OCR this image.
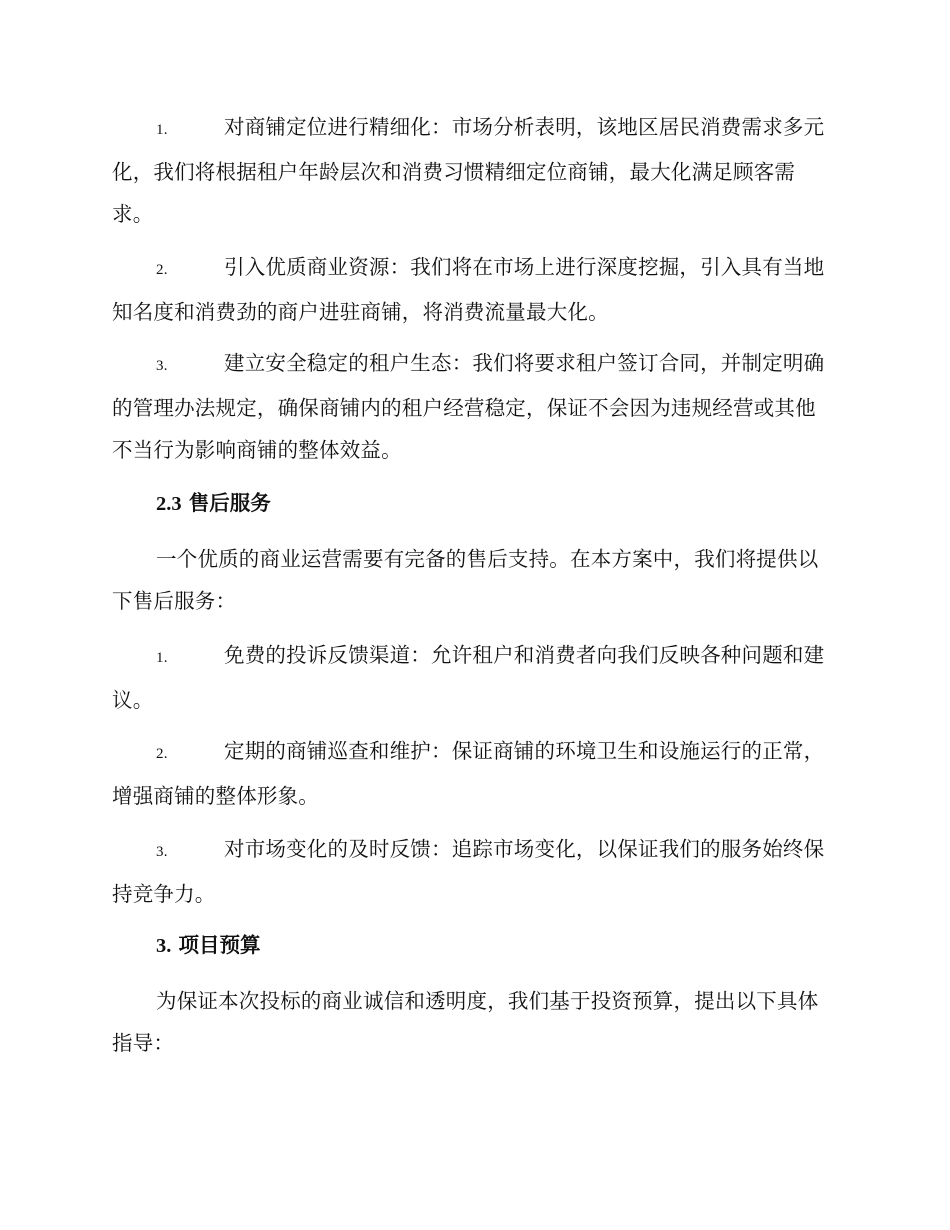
1.	对商铺定位进行精细化：市场分析表明，该地区居民消费需求多元化，我们将根据租户年龄层次和消费习惯精细定位商铺，最大化满足顾客需求。
2.	引入优质商业资源：我们将在市场上进行深度挖掘，引入具有当地知名度和消费劲的商户进驻商铺，将消费流量最大化。
3.	建立安全稳定的租户生态：我们将要求租户签订合同，并制定明确的管理办法规定，确保商铺内的租户经营稳定，保证不会因为违规经营或其他不当行为影响商铺的整体效益。
2.3 售后服务
一个优质的商业运营需要有完备的售后支持。在本方案中，我们将提供以下售后服务：
1.	免费的投诉反馈渠道：允许租户和消费者向我们反映各种问题和建议。
2.	定期的商铺巡查和维护：保证商铺的环境卫生和设施运行的正常，增强商铺的整体形象。
3.	对市场变化的及时反馈：追踪市场变化，以保证我们的服务始终保持竞争力。
3. 项目预算
为保证本次投标的商业诚信和透明度，我们基于投资预算，提出以下具体指导：
